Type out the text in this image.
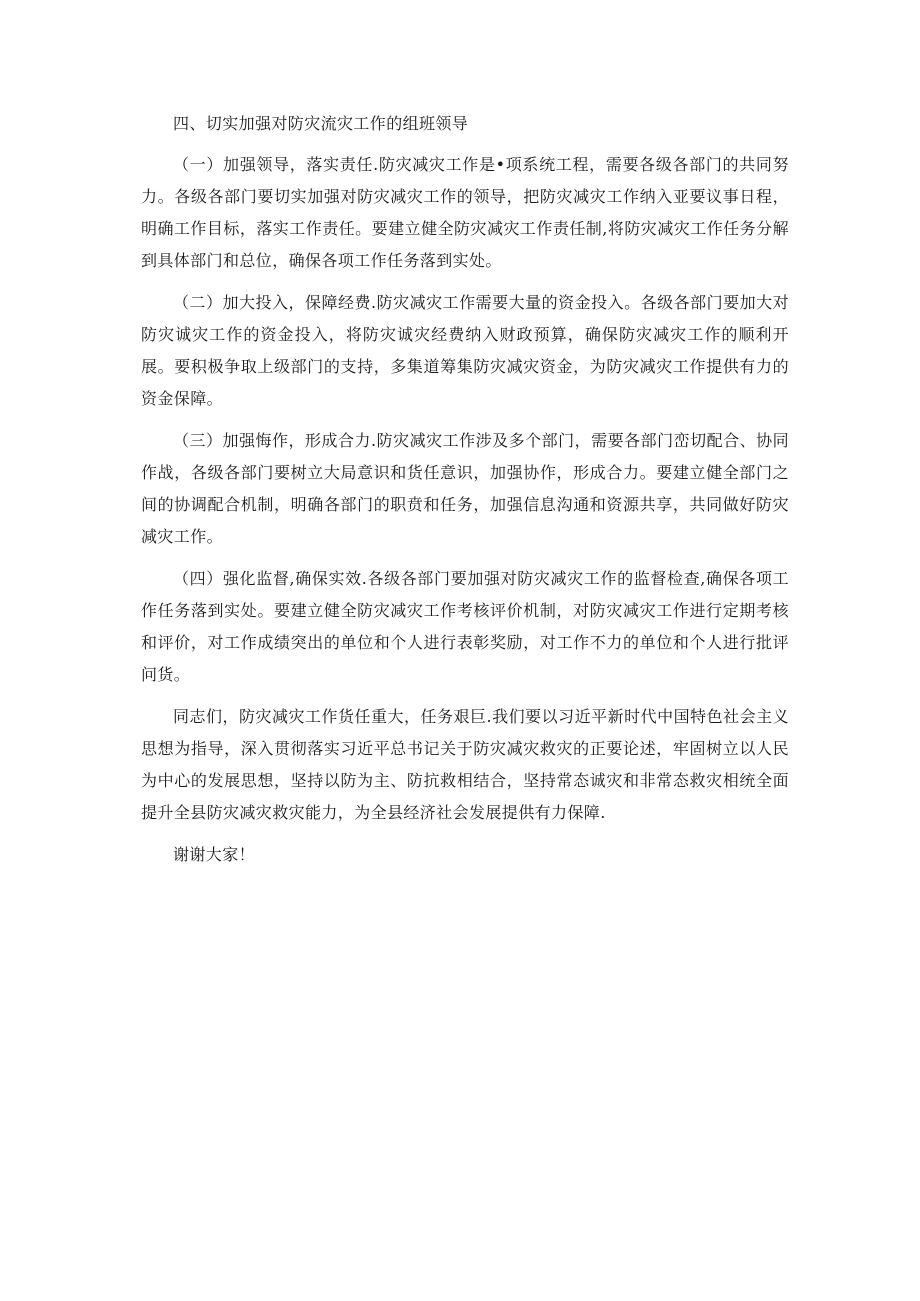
四、切实加强对防灾流灾工作的组班领导

（一）加强领导，落实责任.防灾减灾工作是•项系统工程，需要各级各部门的共同努力。各级各部门要切实加强对防灾减灾工作的领导，把防灾减灾工作纳入亚要议事日程，明确工作目标，落实工作责任。要建立健全防灾减灾工作责任制,将防灾减灾工作任务分解到具体部门和总位，确保各项工作任务落到实处。

（二）加大投入，保障经费.防灾减灾工作需要大量的资金投入。各级各部门要加大对防灾诚灾工作的资金投入，将防灾诚灾经费纳入财政预算，确保防灾减灾工作的顺利开展。要积极争取上级部门的支持，多集道筹集防灾减灾资金，为防灾减灾工作提供有力的资金保障。

（三）加强悔作，形成合力.防灾减灾工作涉及多个部门，需要各部门峦切配合、协同作战，各级各部门要树立大局意识和货任意识，加强协作，形成合力。要建立健全部门之间的协调配合机制，明确各部门的职贲和任务，加强信息沟通和资源共享，共同做好防灾减灾工作。

（四）强化监督,确保实效.各级各部门要加强对防灾减灾工作的监督检查,确保各项工作任务落到实处。要建立健全防灾减灾工作考核评价机制，对防灾减灾工作进行定期考核和评价，对工作成绩突出的单位和个人进行表彰奖励，对工作不力的单位和个人进行批评问货。

同志们，防灾减灾工作货任重大，任务艰巨.我们要以习近平新时代中国特色社会主义思想为指导，深入贯彻落实习近平总书记关于防灾减灾救灾的正要论述，牢固树立以人民为中心的发展思想，坚持以防为主、防抗救相结合，坚持常态诚灾和非常态救灾相统全面提升全县防灾减灾救灾能力，为全县经济社会发展提供有力保障.

谢谢大家！
